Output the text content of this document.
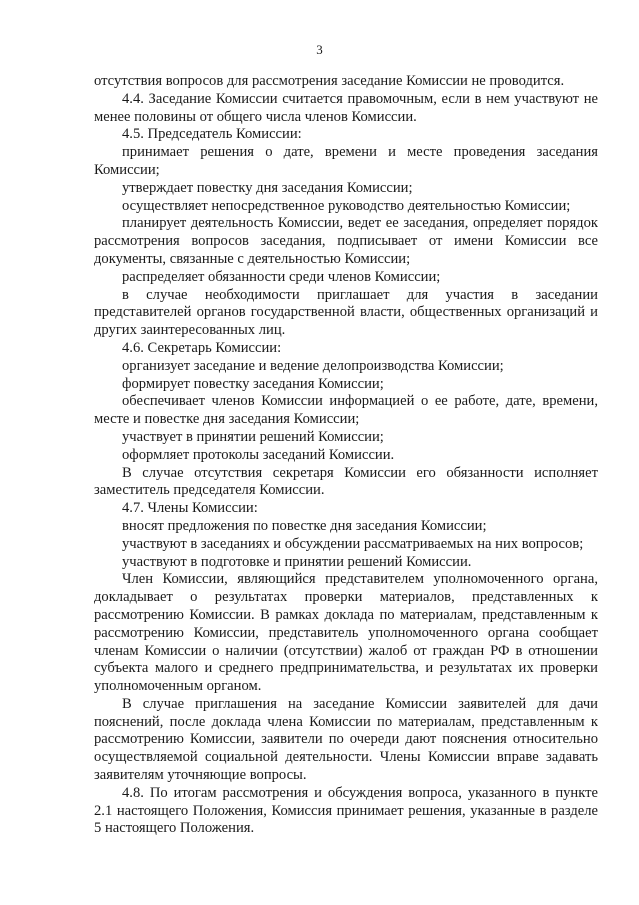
3

отсутствия вопросов для рассмотрения заседание Комиссии не проводится.

4.4. Заседание Комиссии считается правомочным, если в нем участвуют не менее половины от общего числа членов Комиссии.

4.5. Председатель Комиссии:

принимает решения о дате, времени и месте проведения заседания Комиссии;

утверждает повестку дня заседания Комиссии;

осуществляет непосредственное руководство деятельностью Комиссии;

планирует деятельность Комиссии, ведет ее заседания, определяет порядок рассмотрения вопросов заседания, подписывает от имени Комиссии все документы, связанные с деятельностью Комиссии;

распределяет обязанности среди членов Комиссии;

в случае необходимости приглашает для участия в заседании представителей органов государственной власти, общественных организаций и других заинтересованных лиц.

4.6. Секретарь Комиссии:

организует заседание и ведение делопроизводства Комиссии;

формирует повестку заседания Комиссии;

обеспечивает членов Комиссии информацией о ее работе, дате, времени, месте и повестке дня заседания Комиссии;

участвует в принятии решений Комиссии;

оформляет протоколы заседаний Комиссии.

В случае отсутствия секретаря Комиссии его обязанности исполняет заместитель председателя Комиссии.

4.7. Члены Комиссии:

вносят предложения по повестке дня заседания Комиссии;

участвуют в заседаниях и обсуждении рассматриваемых на них вопросов;

участвуют в подготовке и принятии решений Комиссии.

Член Комиссии, являющийся представителем уполномоченного органа, докладывает о результатах проверки материалов, представленных к рассмотрению Комиссии. В рамках доклада по материалам, представленным к рассмотрению Комиссии, представитель уполномоченного органа сообщает членам Комиссии о наличии (отсутствии) жалоб от граждан РФ в отношении субъекта малого и среднего предпринимательства, и результатах их проверки уполномоченным органом.

В случае приглашения на заседание Комиссии заявителей для дачи пояснений, после доклада члена Комиссии по материалам, представленным к рассмотрению Комиссии, заявители по очереди дают пояснения относительно осуществляемой социальной деятельности. Члены Комиссии вправе задавать заявителям уточняющие вопросы.

4.8. По итогам рассмотрения и обсуждения вопроса, указанного в пункте 2.1 настоящего Положения, Комиссия принимает решения, указанные в разделе 5 настоящего Положения.
